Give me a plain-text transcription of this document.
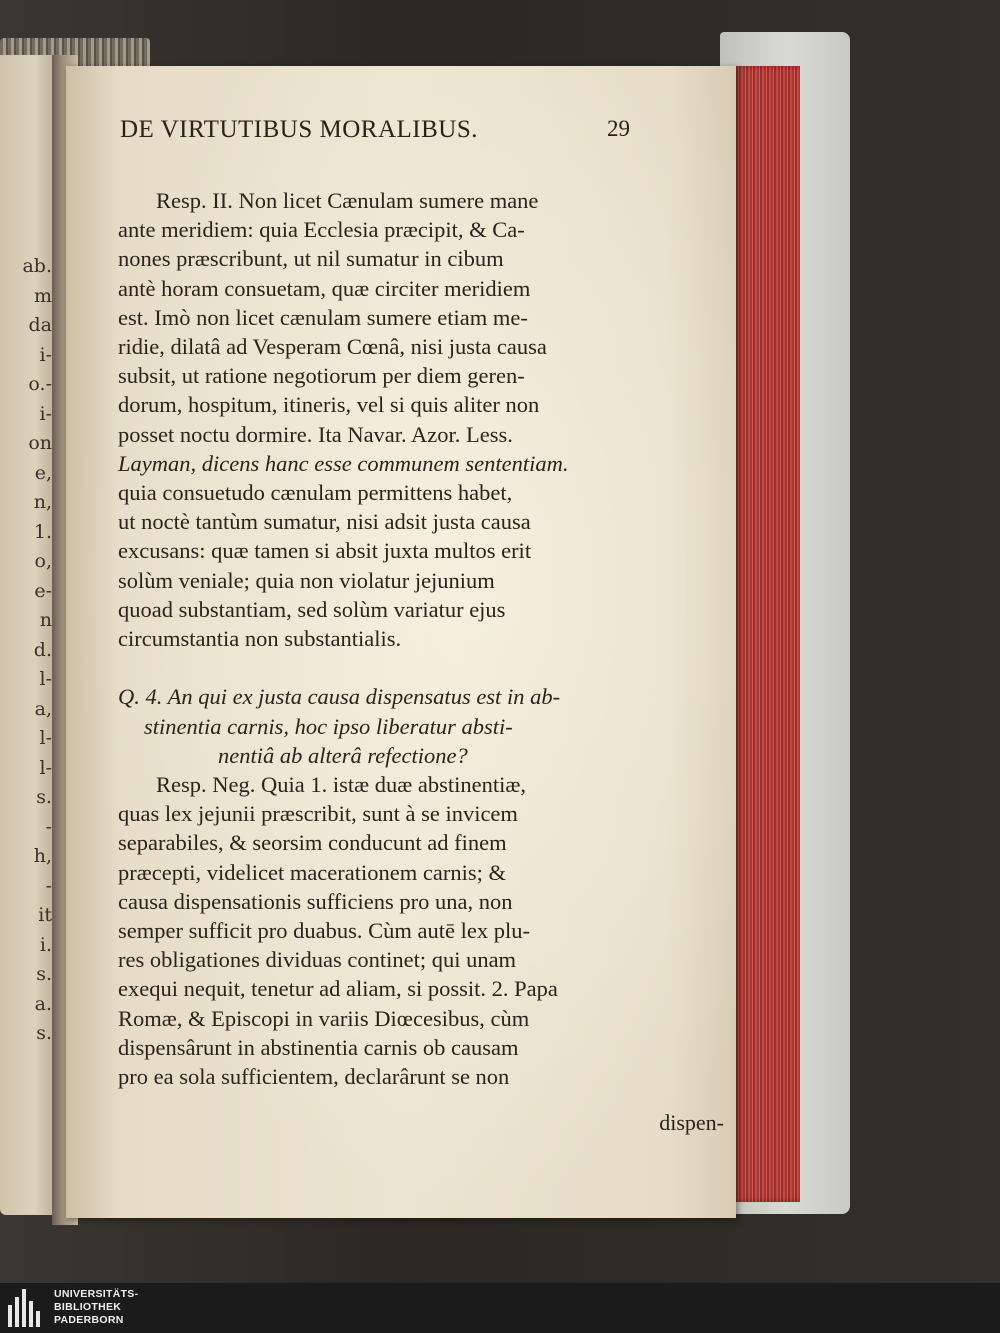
ab.
m
da
i-
o.-
i-
on
e,
n,
1.
o,
e-
n
d.
l-
a,
l-
l-
s.
-
h,
-
it
i.
s.
a.
s.
DE VIRTUTIBUS MORALIBUS.	29
Resp. II. Non licet Cænulam sumere mane
ante meridiem: quia Ecclesia præcipit, & Ca-
nones præscribunt, ut nil sumatur in cibum
antè horam consuetam, quæ circiter meridiem
est. Imò non licet cænulam sumere etiam me-
ridie, dilatâ ad Vesperam Cœnâ, nisi justa causa
subsit, ut ratione negotiorum per diem geren-
dorum, hospitum, itineris, vel si quis aliter non
posset noctu dormire. Ita Navar. Azor. Less.
Layman, dicens hanc esse communem sententiam.
quia consuetudo cænulam permittens habet,
ut noctè tantùm sumatur, nisi adsit justa causa
excusans: quæ tamen si absit juxta multos erit
solùm veniale; quia non violatur jejunium
quoad substantiam, sed solùm variatur ejus
circumstantia non substantialis.
Q. 4. An qui ex justa causa dispensatus est in ab-
stinentia carnis, hoc ipso liberatur absti-
nentiâ ab alterâ refectione?
Resp. Neg. Quia 1. istæ duæ abstinentiæ,
quas lex jejunii præscribit, sunt à se invicem
separabiles, & seorsim conducunt ad finem
præcepti, videlicet macerationem carnis; &
causa dispensationis sufficiens pro una, non
semper sufficit pro duabus. Cùm autē lex plu-
res obligationes dividuas continet; qui unam
exequi nequit, tenetur ad aliam, si possit. 2. Papa
Romæ, & Episcopi in variis Diœcesibus, cùm
dispensârunt in abstinentia carnis ob causam
pro ea sola sufficientem, declarârunt se non
dispen-
UNIVERSITÄTS-
BIBLIOTHEK
PADERBORN
